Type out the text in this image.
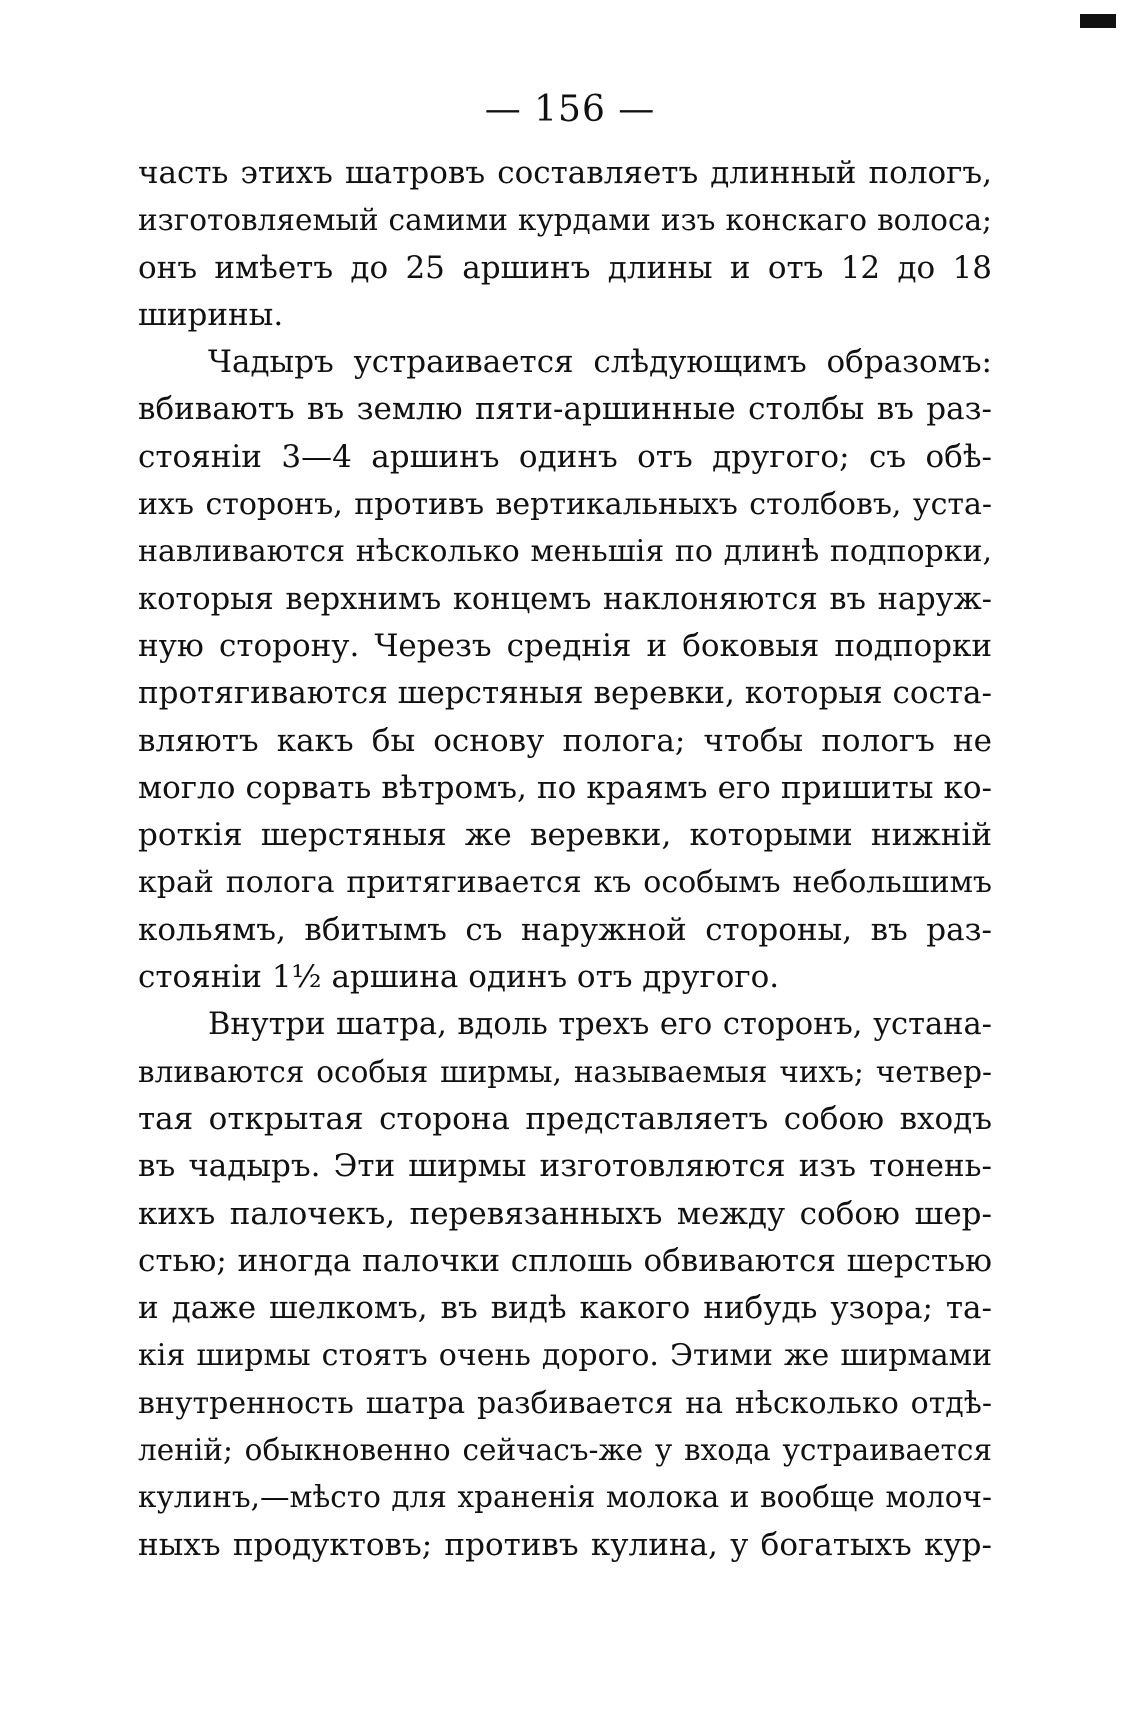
— 156 —
часть этихъ шатровъ составляетъ длинный пологъ,
изготовляемый самими курдами изъ конскаго волоса;
онъ имѣетъ до 25 аршинъ длины и отъ 12 до 18
ширины.
Чадыръ устраивается слѣдующимъ образомъ:
вбиваютъ въ землю пяти-аршинные столбы въ раз-
стояніи 3—4 аршинъ одинъ отъ другого; съ обѣ-
ихъ сторонъ, противъ вертикальныхъ столбовъ, уста-
навливаются нѣсколько меньшія по длинѣ подпорки,
которыя верхнимъ концемъ наклоняются въ наруж-
ную сторону. Черезъ среднія и боковыя подпорки
протягиваются шерстяныя веревки, которыя соста-
вляютъ какъ бы основу полога; чтобы пологъ не
могло сорвать вѣтромъ, по краямъ его пришиты ко-
роткія шерстяныя же веревки, которыми нижній
край полога притягивается къ особымъ небольшимъ
кольямъ, вбитымъ съ наружной стороны, въ раз-
стояніи 1½ аршина одинъ отъ другого.
Внутри шатра, вдоль трехъ его сторонъ, устана-
вливаются особыя ширмы, называемыя чихъ; четвер-
тая открытая сторона представляетъ собою входъ
въ чадыръ. Эти ширмы изготовляются изъ тонень-
кихъ палочекъ, перевязанныхъ между собою шер-
стью; иногда палочки сплошь обвиваются шерстью
и даже шелкомъ, въ видѣ какого нибудь узора; та-
кія ширмы стоятъ очень дорого. Этими же ширмами
внутренность шатра разбивается на нѣсколько отдѣ-
леній; обыкновенно сейчасъ-же у входа устраивается
кулинъ,—мѣсто для храненія молока и вообще молоч-
ныхъ продуктовъ; противъ кулина, у богатыхъ кур-
